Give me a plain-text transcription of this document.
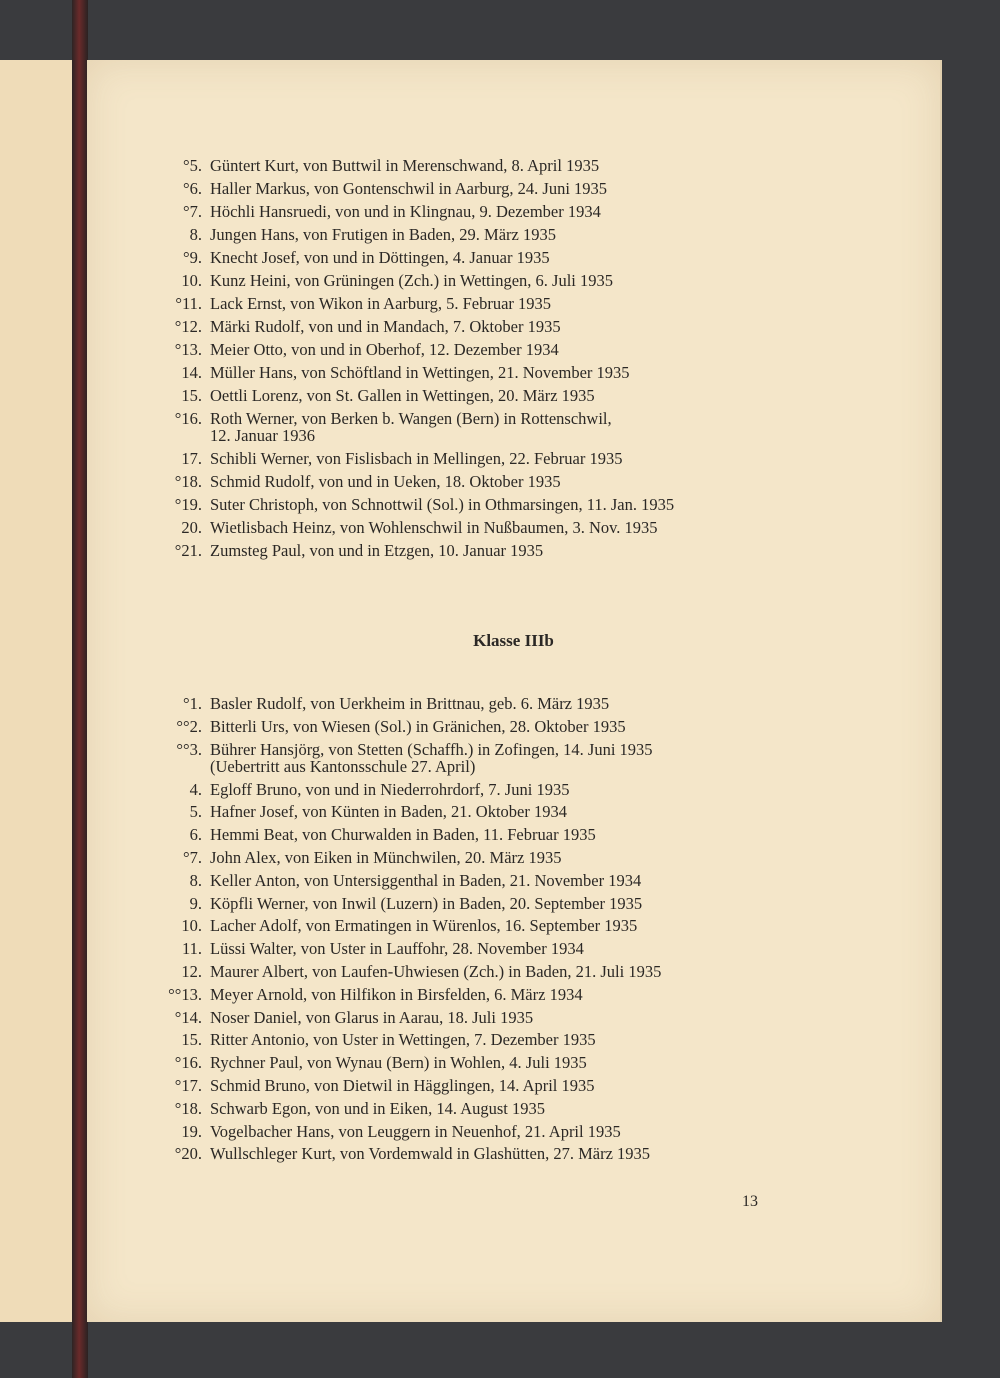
°5. Güntert Kurt, von Buttwil in Merenschwand, 8. April 1935
°6. Haller Markus, von Gontenschwil in Aarburg, 24. Juni 1935
°7. Höchli Hansruedi, von und in Klingnau, 9. Dezember 1934
8. Jungen Hans, von Frutigen in Baden, 29. März 1935
°9. Knecht Josef, von und in Döttingen, 4. Januar 1935
10. Kunz Heini, von Grüningen (Zch.) in Wettingen, 6. Juli 1935
°11. Lack Ernst, von Wikon in Aarburg, 5. Februar 1935
°12. Märki Rudolf, von und in Mandach, 7. Oktober 1935
°13. Meier Otto, von und in Oberhof, 12. Dezember 1934
14. Müller Hans, von Schöftland in Wettingen, 21. November 1935
15. Oettli Lorenz, von St. Gallen in Wettingen, 20. März 1935
°16. Roth Werner, von Berken b. Wangen (Bern) in Rottenschwil,
12. Januar 1936
17. Schibli Werner, von Fislisbach in Mellingen, 22. Februar 1935
°18. Schmid Rudolf, von und in Ueken, 18. Oktober 1935
°19. Suter Christoph, von Schnottwil (Sol.) in Othmarsingen, 11. Jan. 1935
20. Wietlisbach Heinz, von Wohlenschwil in Nußbaumen, 3. Nov. 1935
°21. Zumsteg Paul, von und in Etzgen, 10. Januar 1935
Klasse IIIb
°1. Basler Rudolf, von Uerkheim in Brittnau, geb. 6. März 1935
°°2. Bitterli Urs, von Wiesen (Sol.) in Gränichen, 28. Oktober 1935
°°3. Bührer Hansjörg, von Stetten (Schaffh.) in Zofingen, 14. Juni 1935
(Uebertritt aus Kantonsschule 27. April)
4. Egloff Bruno, von und in Niederrohrdorf, 7. Juni 1935
5. Hafner Josef, von Künten in Baden, 21. Oktober 1934
6. Hemmi Beat, von Churwalden in Baden, 11. Februar 1935
°7. John Alex, von Eiken in Münchwilen, 20. März 1935
8. Keller Anton, von Untersiggenthal in Baden, 21. November 1934
9. Köpfli Werner, von Inwil (Luzern) in Baden, 20. September 1935
10. Lacher Adolf, von Ermatingen in Würenlos, 16. September 1935
11. Lüssi Walter, von Uster in Lauffohr, 28. November 1934
12. Maurer Albert, von Laufen-Uhwiesen (Zch.) in Baden, 21. Juli 1935
°°13. Meyer Arnold, von Hilfikon in Birsfelden, 6. März 1934
°14. Noser Daniel, von Glarus in Aarau, 18. Juli 1935
15. Ritter Antonio, von Uster in Wettingen, 7. Dezember 1935
°16. Rychner Paul, von Wynau (Bern) in Wohlen, 4. Juli 1935
°17. Schmid Bruno, von Dietwil in Hägglingen, 14. April 1935
°18. Schwarb Egon, von und in Eiken, 14. August 1935
19. Vogelbacher Hans, von Leuggern in Neuenhof, 21. April 1935
°20. Wullschleger Kurt, von Vordemwald in Glashütten, 27. März 1935
13
